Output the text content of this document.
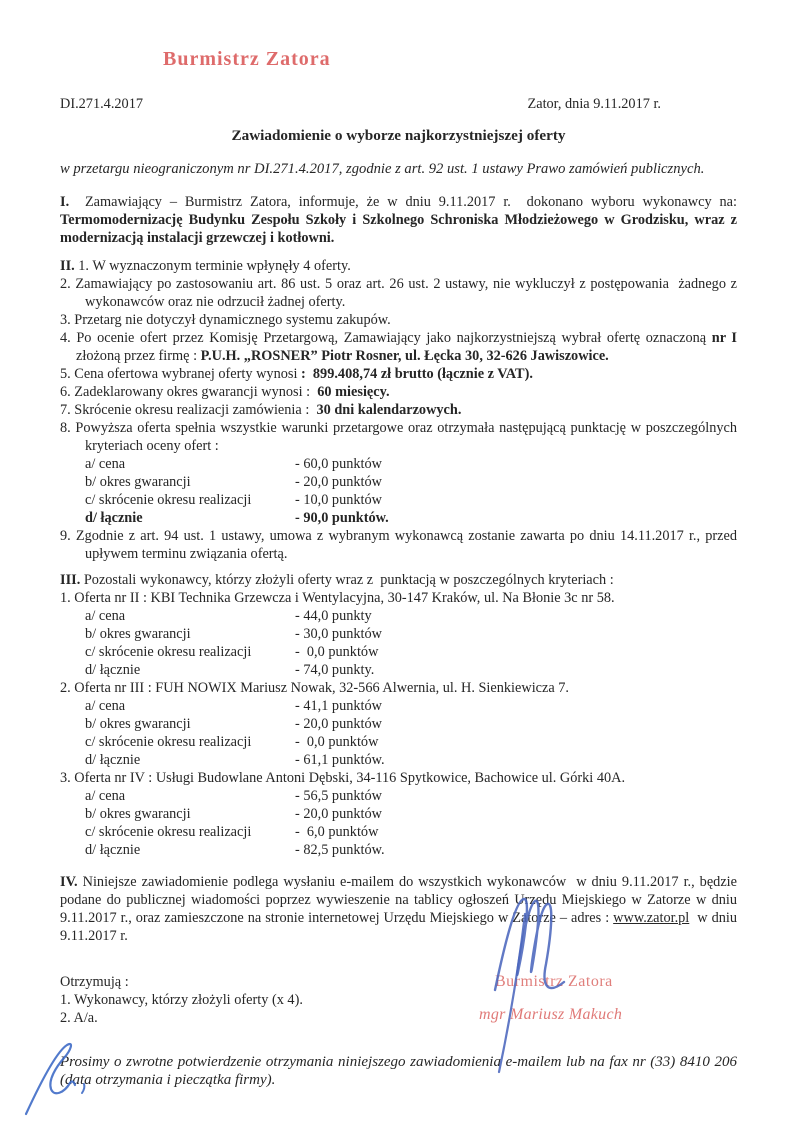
Burmistrz Zatora
DI.271.4.2017	Zator, dnia 9.11.2017 r.
Zawiadomienie o wyborze najkorzystniejszej oferty
w przetargu nieograniczonym nr DI.271.4.2017, zgodnie z art. 92 ust. 1 ustawy Prawo zamówień publicznych.
I.  Zamawiający – Burmistrz Zatora, informuje, że w dniu 9.11.2017 r.  dokonano wyboru wykonawcy na: Termomodernizację Budynku Zespołu Szkoły i Szkolnego Schroniska Młodzieżowego w Grodzisku, wraz z modernizacją instalacji grzewczej i kotłowni.
II. 1. W wyznaczonym terminie wpłynęły 4 oferty.
2. Zamawiający po zastosowaniu art. 86 ust. 5 oraz art. 26 ust. 2 ustawy, nie wykluczył z postępowania  żadnego z wykonawców oraz nie odrzucił żadnej oferty.
3. Przetarg nie dotyczył dynamicznego systemu zakupów.
4. Po ocenie ofert przez Komisję Przetargową, Zamawiający jako najkorzystniejszą wybrał ofertę oznaczoną nr I złożoną przez firmę : P.U.H. „ROSNER” Piotr Rosner, ul. Łęcka 30, 32-626 Jawiszowice.
5. Cena ofertowa wybranej oferty wynosi :  899.408,74 zł brutto (łącznie z VAT).
6. Zadeklarowany okres gwarancji wynosi :  60 miesięcy.
7. Skrócenie okresu realizacji zamówienia :  30 dni kalendarzowych.
8. Powyższa oferta spełnia wszystkie warunki przetargowe oraz otrzymała następującą punktację w poszczególnych kryteriach oceny ofert :
a/ cena	- 60,0 punktów
b/ okres gwarancji	- 20,0 punktów
c/ skrócenie okresu realizacji	- 10,0 punktów
d/ łącznie	- 90,0 punktów.
9. Zgodnie z art. 94 ust. 1 ustawy, umowa z wybranym wykonawcą zostanie zawarta po dniu 14.11.2017 r., przed upływem terminu związania ofertą.
III. Pozostali wykonawcy, którzy złożyli oferty wraz z  punktacją w poszczególnych kryteriach :
1. Oferta nr II : KBI Technika Grzewcza i Wentylacyjna, 30-147 Kraków, ul. Na Błonie 3c nr 58.
a/ cena	- 44,0 punkty
b/ okres gwarancji	- 30,0 punktów
c/ skrócenie okresu realizacji	-  0,0 punktów
d/ łącznie	- 74,0 punkty.
2. Oferta nr III : FUH NOWIX Mariusz Nowak, 32-566 Alwernia, ul. H. Sienkiewicza 7.
a/ cena	- 41,1 punktów
b/ okres gwarancji	- 20,0 punktów
c/ skrócenie okresu realizacji	-  0,0 punktów
d/ łącznie	- 61,1 punktów.
3. Oferta nr IV : Usługi Budowlane Antoni Dębski, 34-116 Spytkowice, Bachowice ul. Górki 40A.
a/ cena	- 56,5 punktów
b/ okres gwarancji	- 20,0 punktów
c/ skrócenie okresu realizacji	-  6,0 punktów
d/ łącznie	- 82,5 punktów.
IV. Niniejsze zawiadomienie podlega wysłaniu e-mailem do wszystkich wykonawców  w dniu 9.11.2017 r., będzie podane do publicznej wiadomości poprzez wywieszenie na tablicy ogłoszeń Urzędu Miejskiego w Zatorze w dniu 9.11.2017 r., oraz zamieszczone na stronie internetowej Urzędu Miejskiego w Zatorze – adres : www.zator.pl  w dniu 9.11.2017 r.
Otrzymują :
1. Wykonawcy, którzy złożyli oferty (x 4).
2. A/a.
Burmistrz Zatora
mgr Mariusz Makuch
Prosimy o zwrotne potwierdzenie otrzymania niniejszego zawiadomienia e-mailem lub na fax nr (33) 8410 206 (data otrzymania i pieczątka firmy).
